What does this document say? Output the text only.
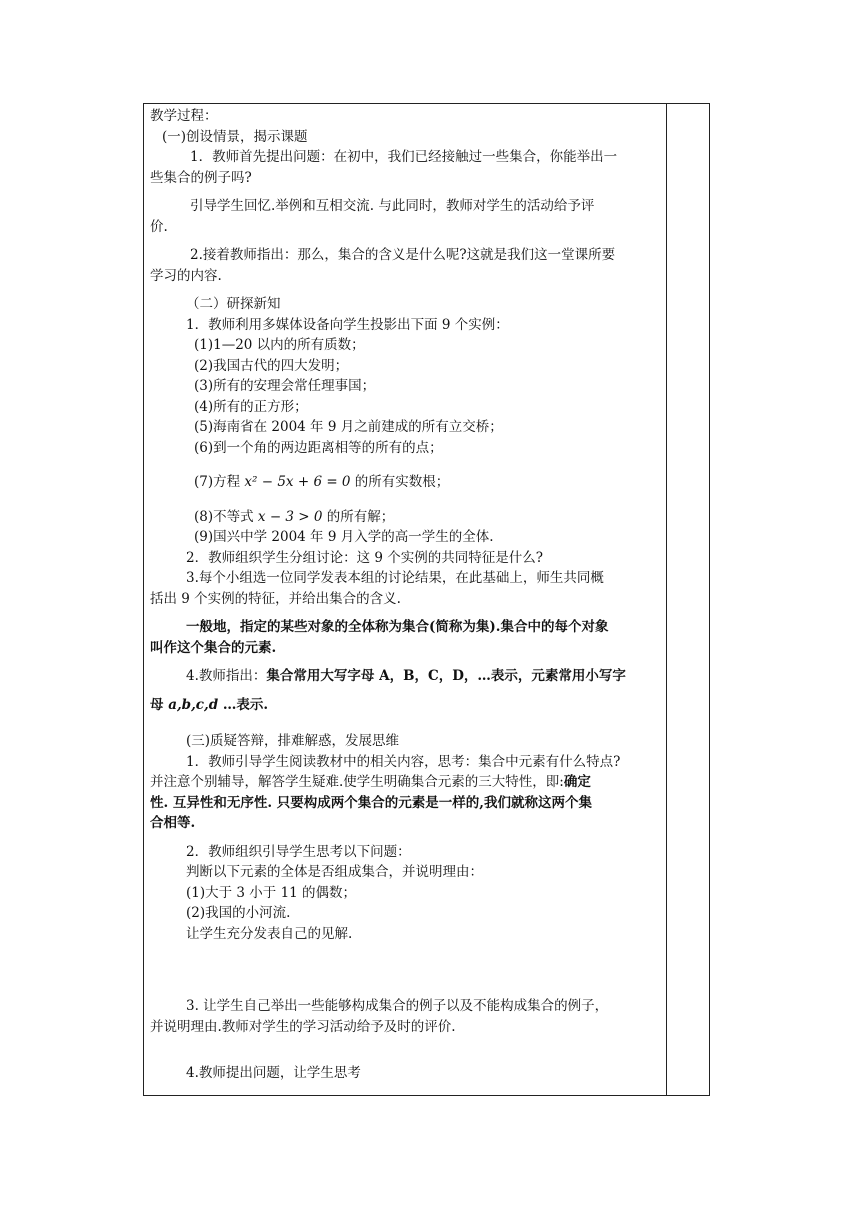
教学过程：
(一)创设情景，揭示课题
1．教师首先提出问题：在初中，我们已经接触过一些集合，你能举出一
些集合的例子吗?
引导学生回忆.举例和互相交流. 与此同时，教师对学生的活动给予评
价.
2.接着教师指出：那么，集合的含义是什么呢?这就是我们这一堂课所要
学习的内容.
（二）研探新知
1．教师利用多媒体设备向学生投影出下面 9 个实例：
(1)1—20 以内的所有质数；
(2)我国古代的四大发明；
(3)所有的安理会常任理事国；
(4)所有的正方形；
(5)海南省在 2004 年 9 月之前建成的所有立交桥；
(6)到一个角的两边距离相等的所有的点；
(7)方程 x² − 5x + 6 = 0 的所有实数根；
(8)不等式 x − 3 > 0 的所有解；
(9)国兴中学 2004 年 9 月入学的高一学生的全体.
2．教师组织学生分组讨论：这 9 个实例的共同特征是什么?
3.每个小组选一位同学发表本组的讨论结果，在此基础上，师生共同概
括出 9 个实例的特征，并给出集合的含义.
一般地，指定的某些对象的全体称为集合(简称为集).集合中的每个对象
叫作这个集合的元素.
4.教师指出：集合常用大写字母 A，B，C，D，…表示，元素常用小写字
母 a,b,c,d …表示.
(三)质疑答辩，排难解惑，发展思维
1．教师引导学生阅读教材中的相关内容，思考：集合中元素有什么特点?
并注意个别辅导，解答学生疑难.使学生明确集合元素的三大特性，即:确定
性. 互异性和无序性. 只要构成两个集合的元素是一样的,我们就称这两个集
合相等.
2．教师组织引导学生思考以下问题：
判断以下元素的全体是否组成集合，并说明理由：
(1)大于 3 小于 11 的偶数；
(2)我国的小河流.
让学生充分发表自己的见解.
3. 让学生自己举出一些能够构成集合的例子以及不能构成集合的例子，
并说明理由.教师对学生的学习活动给予及时的评价.
4.教师提出问题，让学生思考
